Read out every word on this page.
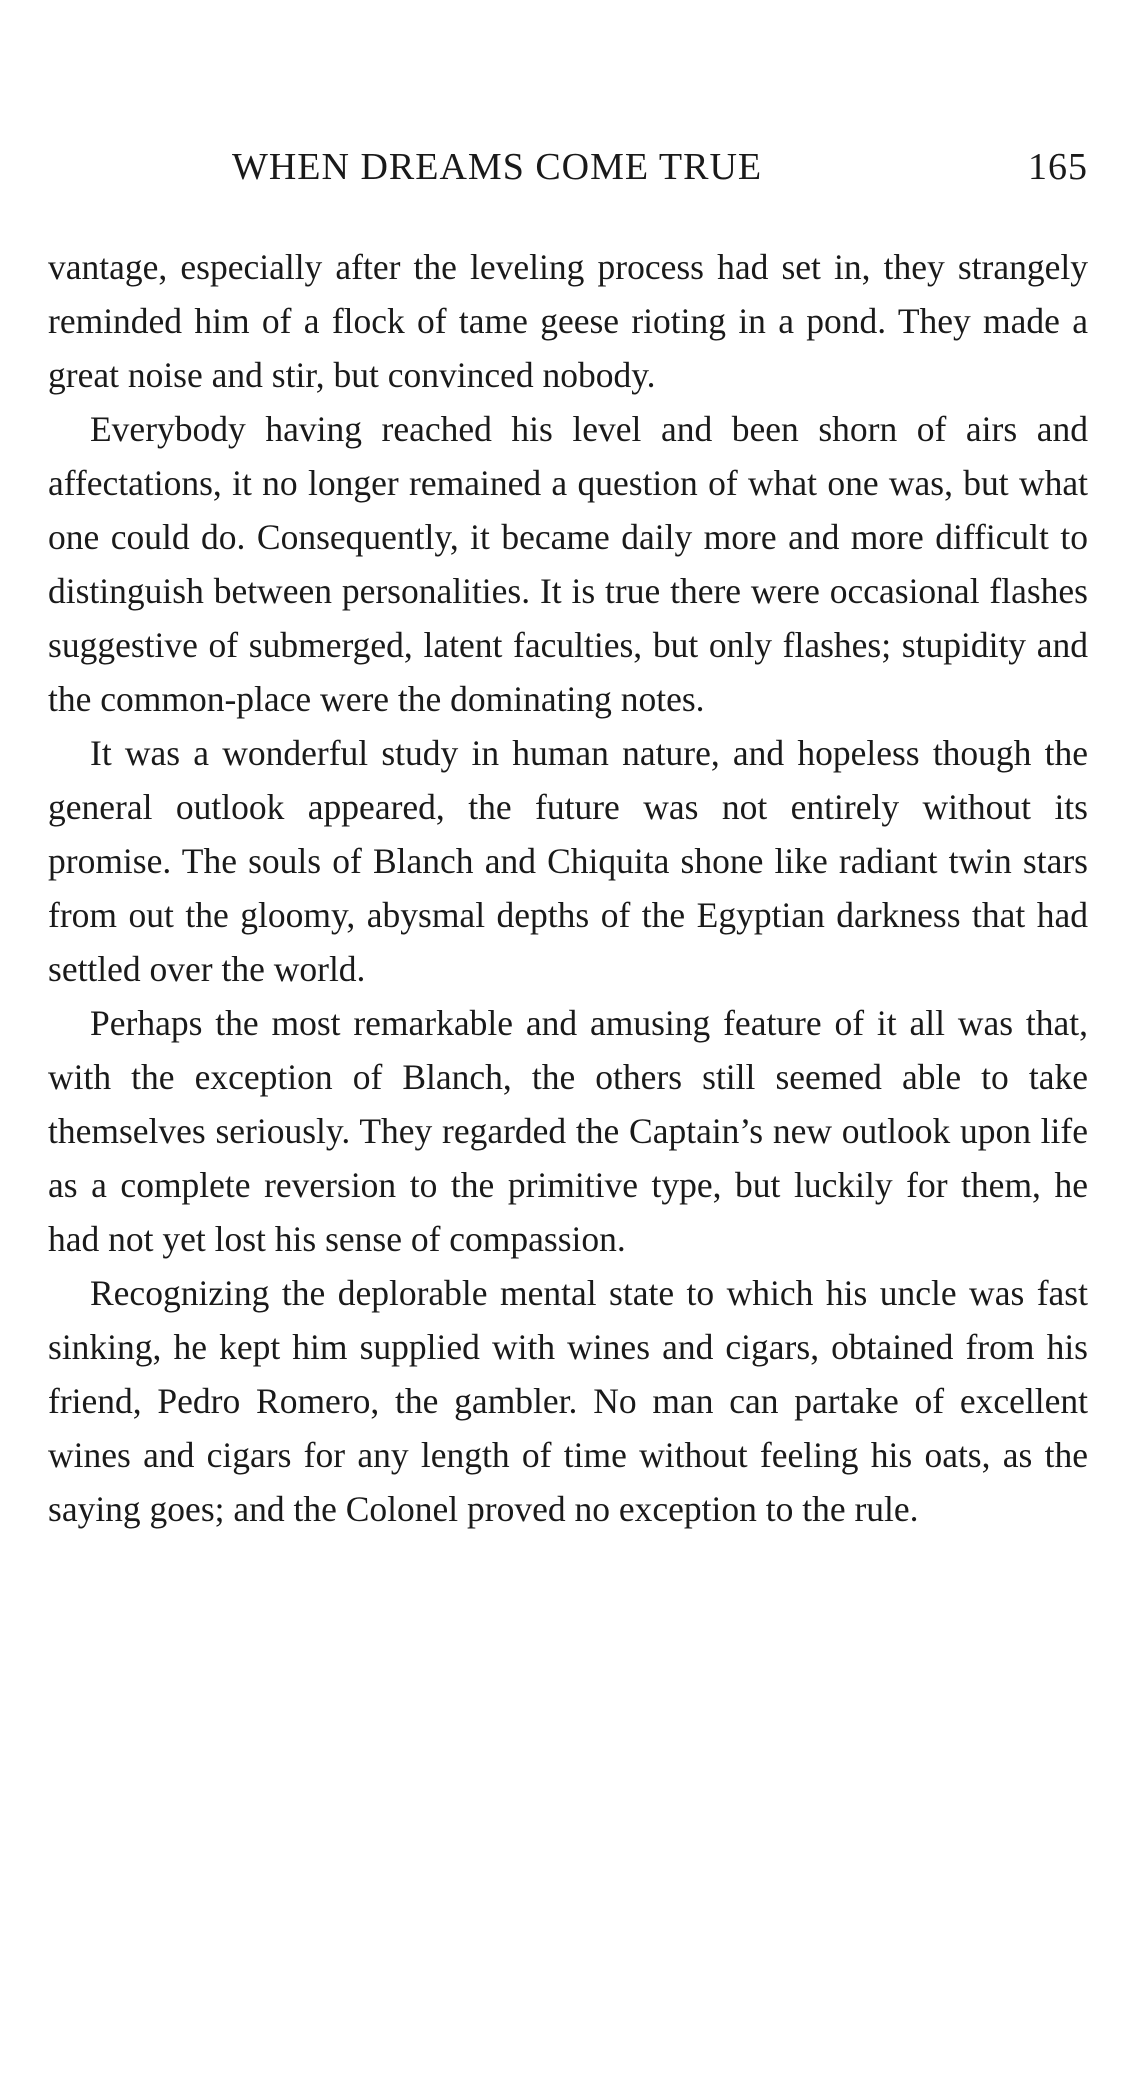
WHEN DREAMS COME TRUE	165

vantage, especially after the leveling process had set in, they strangely reminded him of a flock of tame geese rioting in a pond. They made a great noise and stir, but convinced nobody.

Everybody having reached his level and been shorn of airs and affectations, it no longer remained a question of what one was, but what one could do. Consequently, it became daily more and more difficult to distinguish between personalities. It is true there were occasional flashes suggestive of submerged, latent faculties, but only flashes; stupidity and the common-place were the dominating notes.

It was a wonderful study in human nature, and hopeless though the general outlook appeared, the future was not entirely without its promise. The souls of Blanch and Chiquita shone like radiant twin stars from out the gloomy, abysmal depths of the Egyptian darkness that had settled over the world.

Perhaps the most remarkable and amusing feature of it all was that, with the exception of Blanch, the others still seemed able to take themselves seriously. They regarded the Captain’s new outlook upon life as a complete reversion to the primitive type, but luckily for them, he had not yet lost his sense of compassion.

Recognizing the deplorable mental state to which his uncle was fast sinking, he kept him supplied with wines and cigars, obtained from his friend, Pedro Romero, the gambler. No man can partake of excellent wines and cigars for any length of time without feeling his oats, as the saying goes; and the Colonel proved no exception to the rule.
